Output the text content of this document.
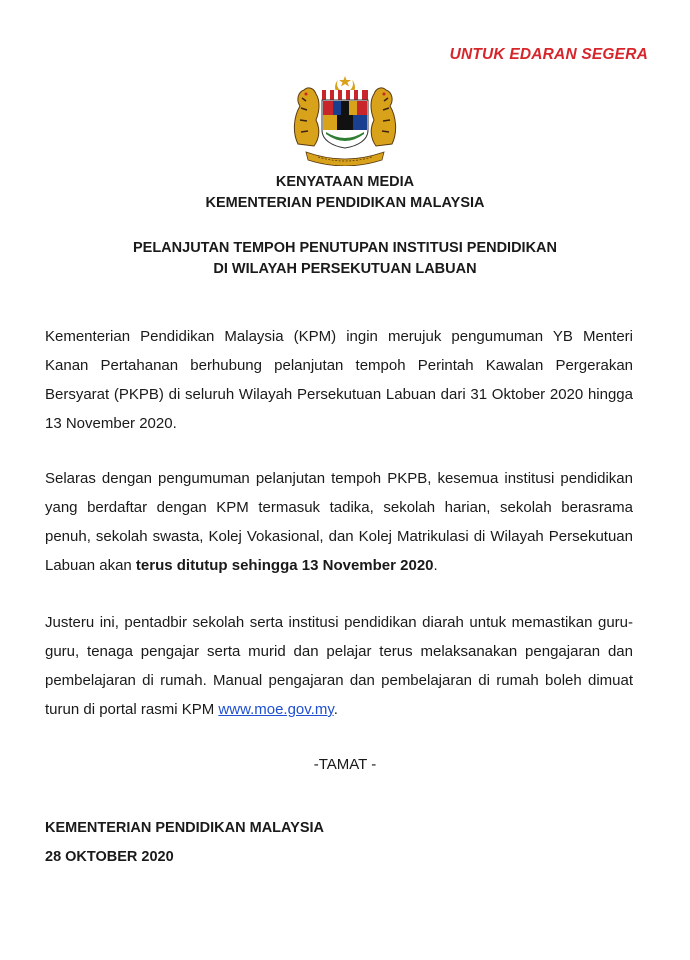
UNTUK EDARAN SEGERA
KENYATAAN MEDIA
KEMENTERIAN PENDIDIKAN MALAYSIA
PELANJUTAN TEMPOH PENUTUPAN INSTITUSI PENDIDIKAN
DI WILAYAH PERSEKUTUAN LABUAN
Kementerian Pendidikan Malaysia (KPM) ingin merujuk pengumuman YB Menteri Kanan Pertahanan berhubung pelanjutan tempoh Perintah Kawalan Pergerakan Bersyarat (PKPB) di seluruh Wilayah Persekutuan Labuan dari 31 Oktober 2020 hingga 13 November 2020.
Selaras dengan pengumuman pelanjutan tempoh PKPB, kesemua institusi pendidikan yang berdaftar dengan KPM termasuk tadika, sekolah harian, sekolah berasrama penuh, sekolah swasta, Kolej Vokasional, dan Kolej Matrikulasi di Wilayah Persekutuan Labuan akan terus ditutup sehingga 13 November 2020.
Justeru ini, pentadbir sekolah serta institusi pendidikan diarah untuk memastikan guru-guru, tenaga pengajar serta murid dan pelajar terus melaksanakan pengajaran dan pembelajaran di rumah. Manual pengajaran dan pembelajaran di rumah boleh dimuat turun di portal rasmi KPM www.moe.gov.my.
-TAMAT -
KEMENTERIAN PENDIDIKAN MALAYSIA
28 OKTOBER 2020
